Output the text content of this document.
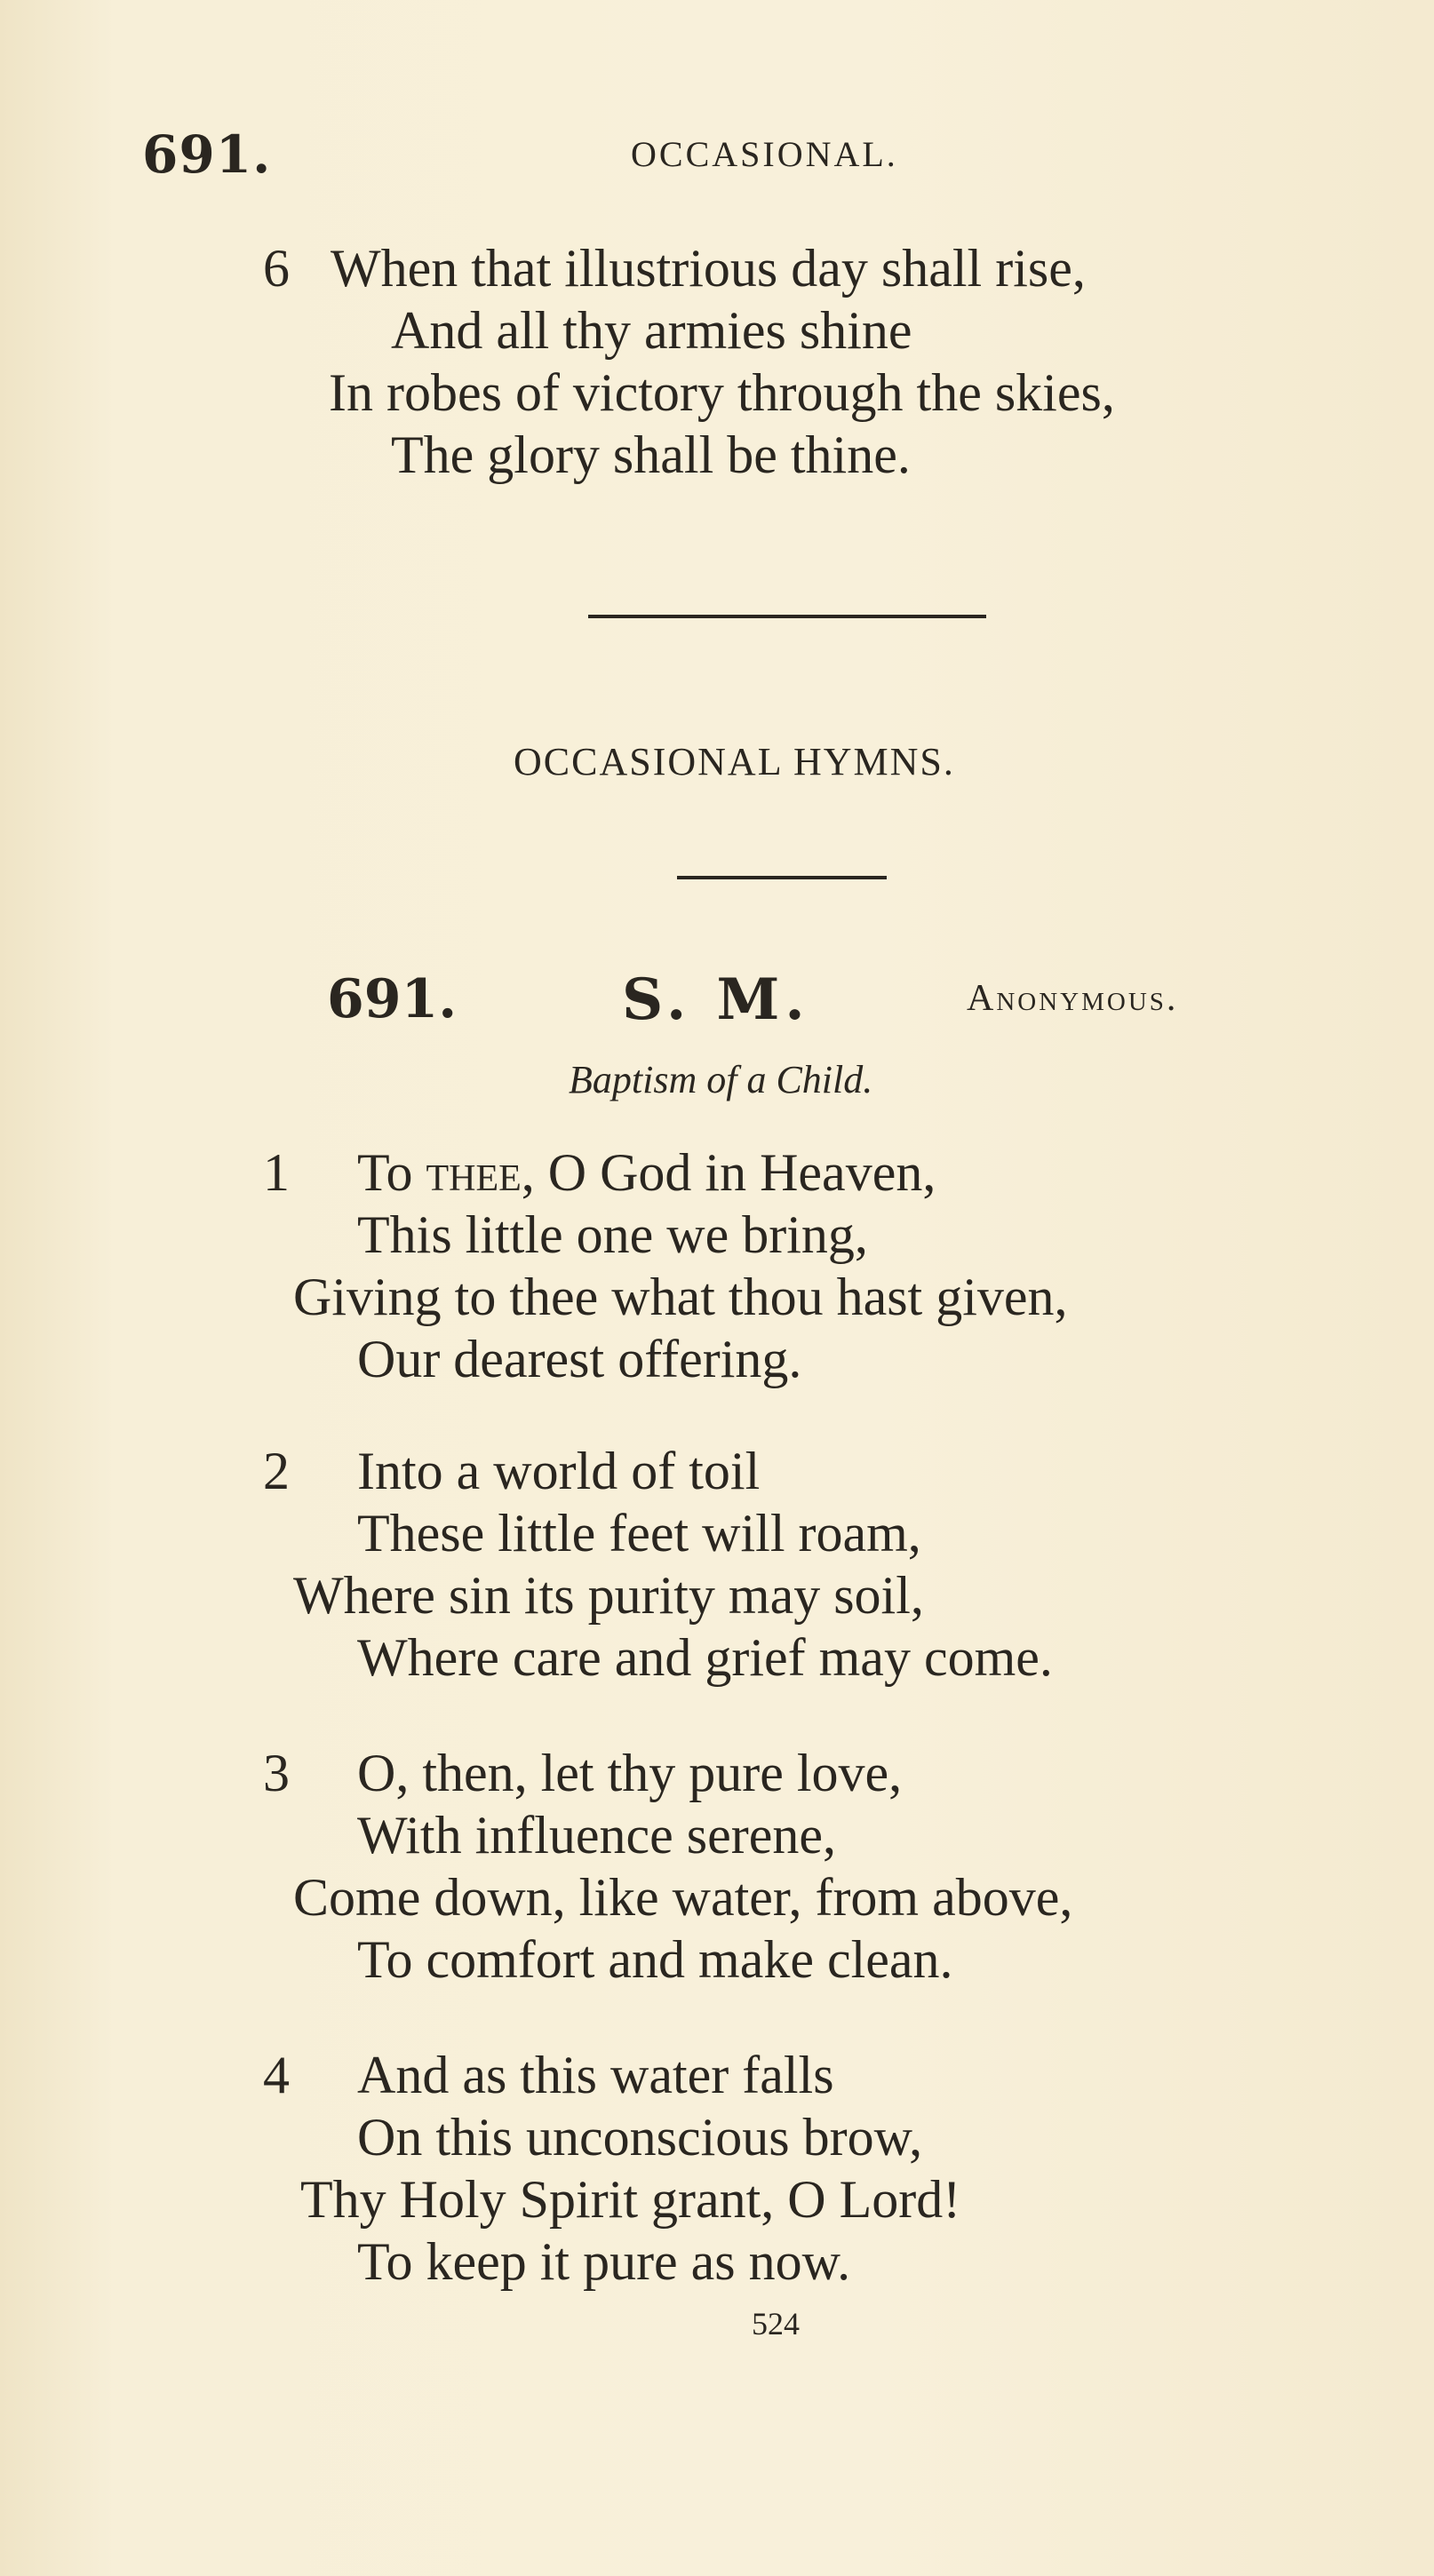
691.	OCCASIONAL.
6 When that illustrious day shall rise,
And all thy armies shine
In robes of victory through the skies,
The glory shall be thine.
OCCASIONAL HYMNS.
691.	S. M.	Anonymous.
Baptism of a Child.
1 To thee, O God in Heaven,
This little one we bring,
Giving to thee what thou hast given,
Our dearest offering.
2 Into a world of toil
These little feet will roam,
Where sin its purity may soil,
Where care and grief may come.
3 O, then, let thy pure love,
With influence serene,
Come down, like water, from above,
To comfort and make clean.
4 And as this water falls
On this unconscious brow,
Thy Holy Spirit grant, O Lord!
To keep it pure as now.
524
